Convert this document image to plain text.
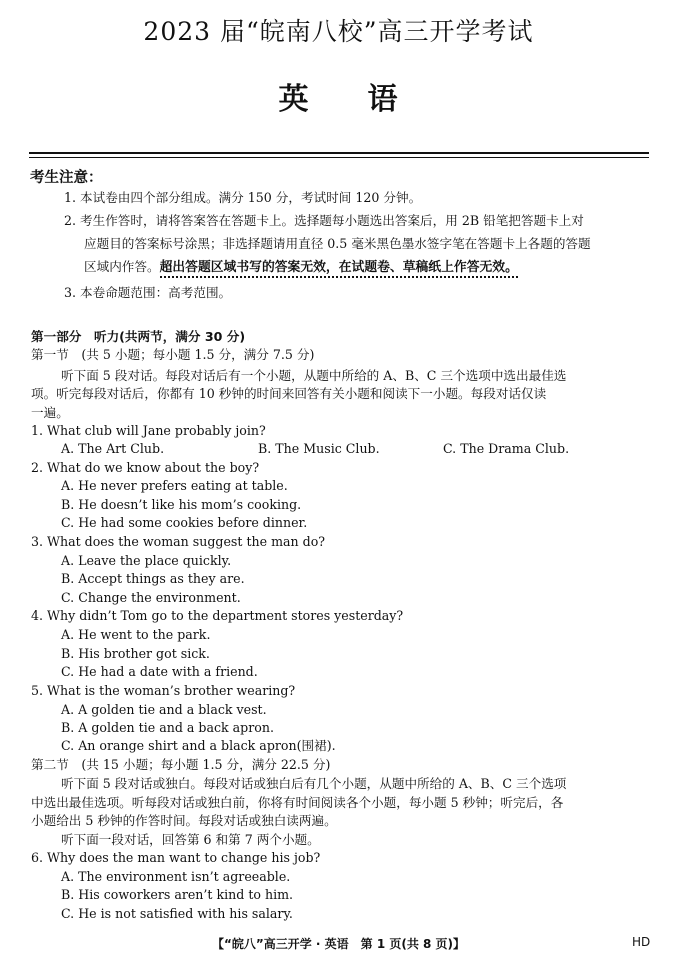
2023 届“皖南八校”高三开学考试
英 语
考生注意：
1. 本试卷由四个部分组成。满分 150 分，考试时间 120 分钟。
2. 考生作答时，请将答案答在答题卡上。选择题每小题选出答案后，用 2B 铅笔把答题卡上对
应题目的答案标号涂黑；非选择题请用直径 0.5 毫米黑色墨水签字笔在答题卡上各题的答题
区域内作答。超出答题区域书写的答案无效，在试题卷、草稿纸上作答无效。
3. 本卷命题范围：高考范围。
第一部分　听力(共两节，满分 30 分)
第一节　(共 5 小题；每小题 1.5 分，满分 7.5 分)
听下面 5 段对话。每段对话后有一个小题，从题中所给的 A、B、C 三个选项中选出最佳选
项。听完每段对话后，你都有 10 秒钟的时间来回答有关小题和阅读下一小题。每段对话仅读
一遍。
1. What club will Jane probably join?
A. The Art Club.	B. The Music Club.	C. The Drama Club.
2. What do we know about the boy?
A. He never prefers eating at table.
B. He doesn’t like his mom’s cooking.
C. He had some cookies before dinner.
3. What does the woman suggest the man do?
A. Leave the place quickly.
B. Accept things as they are.
C. Change the environment.
4. Why didn’t Tom go to the department stores yesterday?
A. He went to the park.
B. His brother got sick.
C. He had a date with a friend.
5. What is the woman’s brother wearing?
A. A golden tie and a black vest.
B. A golden tie and a back apron.
C. An orange shirt and a black apron(围裙).
第二节　(共 15 小题；每小题 1.5 分，满分 22.5 分)
听下面 5 段对话或独白。每段对话或独白后有几个小题，从题中所给的 A、B、C 三个选项
中选出最佳选项。听每段对话或独白前，你将有时间阅读各个小题，每小题 5 秒钟；听完后，各
小题给出 5 秒钟的作答时间。每段对话或独白读两遍。
听下面一段对话，回答第 6 和第 7 两个小题。
6. Why does the man want to change his job?
A. The environment isn’t agreeable.
B. His coworkers aren’t kind to him.
C. He is not satisfied with his salary.
【“皖八”高三开学 · 英语　第 1 页(共 8 页)】	HD
